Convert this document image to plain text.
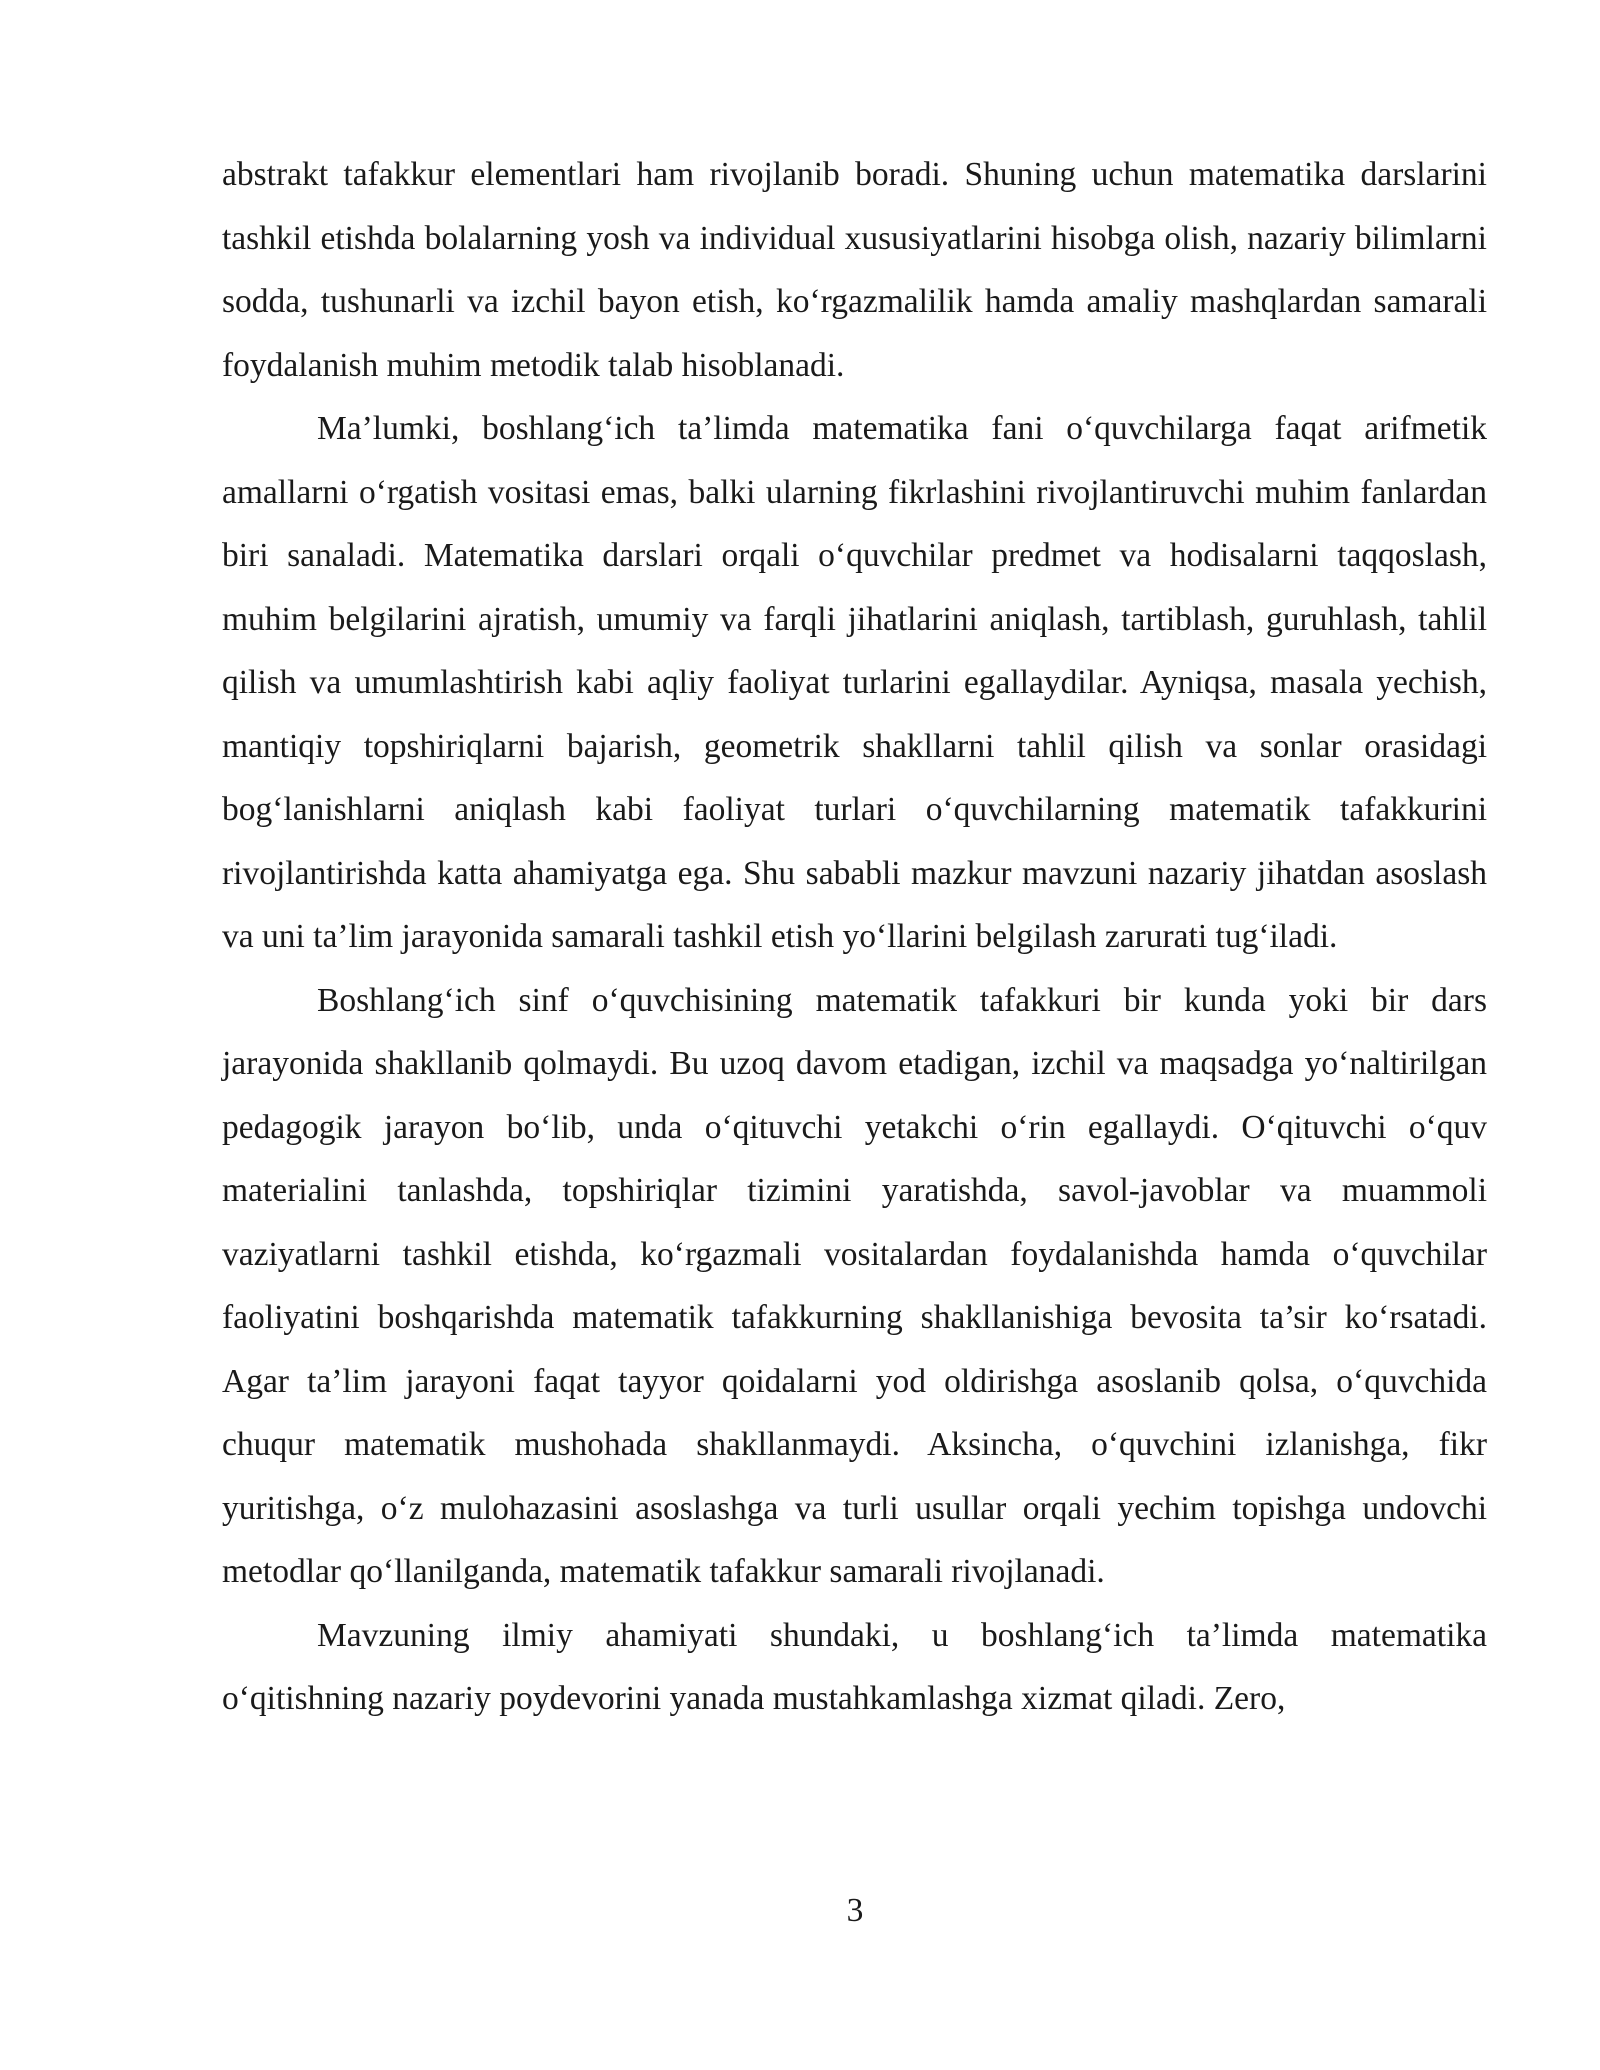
abstrakt tafakkur elementlari ham rivojlanib boradi. Shuning uchun matematika darslarini tashkil etishda bolalarning yosh va individual xususiyatlarini hisobga olish, nazariy bilimlarni sodda, tushunarli va izchil bayon etish, ko‘rgazmalilik hamda amaliy mashqlardan samarali foydalanish muhim metodik talab hisoblanadi.

Ma’lumki, boshlang‘ich ta’limda matematika fani o‘quvchilarga faqat arifmetik amallarni o‘rgatish vositasi emas, balki ularning fikrlashini rivojlantiruvchi muhim fanlardan biri sanaladi. Matematika darslari orqali o‘quvchilar predmet va hodisalarni taqqoslash, muhim belgilarini ajratish, umumiy va farqli jihatlarini aniqlash, tartiblash, guruhlash, tahlil qilish va umumlashtirish kabi aqliy faoliyat turlarini egallaydilar. Ayniqsa, masala yechish, mantiqiy topshiriqlarni bajarish, geometrik shakllarni tahlil qilish va sonlar orasidagi bog‘lanishlarni aniqlash kabi faoliyat turlari o‘quvchilarning matematik tafakkurini rivojlantirishda katta ahamiyatga ega. Shu sababli mazkur mavzuni nazariy jihatdan asoslash va uni ta’lim jarayonida samarali tashkil etish yo‘llarini belgilash zarurati tug‘iladi.

Boshlang‘ich sinf o‘quvchisining matematik tafakkuri bir kunda yoki bir dars jarayonida shakllanib qolmaydi. Bu uzoq davom etadigan, izchil va maqsadga yo‘naltirilgan pedagogik jarayon bo‘lib, unda o‘qituvchi yetakchi o‘rin egallaydi. O‘qituvchi o‘quv materialini tanlashda, topshiriqlar tizimini yaratishda, savol-javoblar va muammoli vaziyatlarni tashkil etishda, ko‘rgazmali vositalardan foydalanishda hamda o‘quvchilar faoliyatini boshqarishda matematik tafakkurning shakllanishiga bevosita ta’sir ko‘rsatadi. Agar ta’lim jarayoni faqat tayyor qoidalarni yod oldirishga asoslanib qolsa, o‘quvchida chuqur matematik mushohada shakllanmaydi. Aksincha, o‘quvchini izlanishga, fikr yuritishga, o‘z mulohazasini asoslashga va turli usullar orqali yechim topishga undovchi metodlar qo‘llanilganda, matematik tafakkur samarali rivojlanadi.

Mavzuning ilmiy ahamiyati shundaki, u boshlang‘ich ta’limda matematika o‘qitishning nazariy poydevorini yanada mustahkamlashga xizmat qiladi. Zero,

3
